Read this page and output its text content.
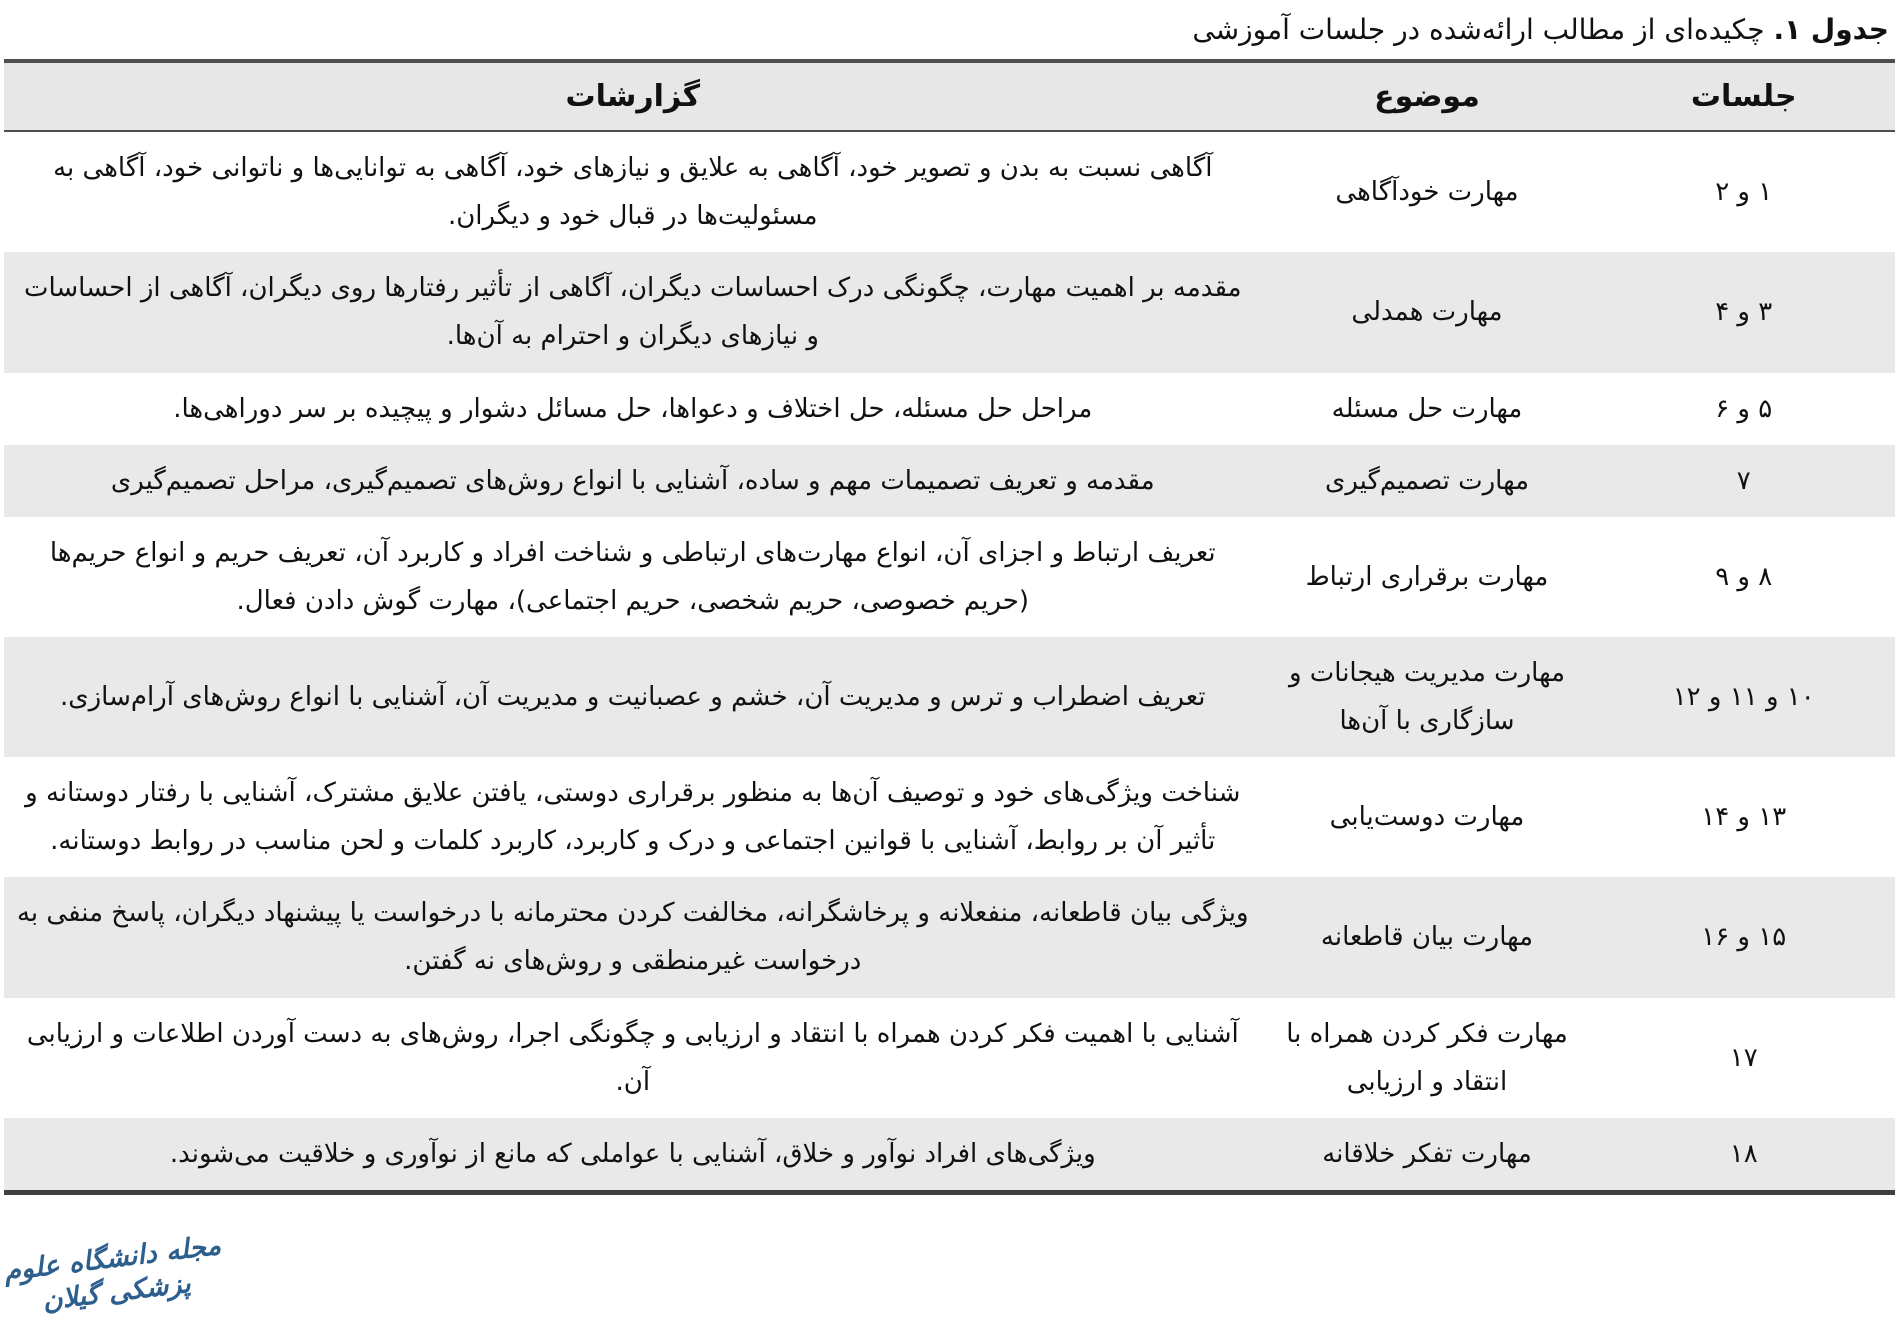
جدول ۱. چکیده‌ای از مطالب ارائه‌شده در جلسات آموزشی
جلسات	موضوع	گزارشات
۱ و ۲	مهارت خودآگاهی	آگاهی نسبت به بدن و تصویر خود، آگاهی به علایق و نیازهای خود، آگاهی به توانایی‌ها و ناتوانی خود، آگاهی به مسئولیت‌ها در قبال خود و دیگران.
۳ و ۴	مهارت همدلی	مقدمه بر اهمیت مهارت، چگونگی درک احساسات دیگران، آگاهی از تأثیر رفتارها روی دیگران، آگاهی از احساسات و نیازهای دیگران و احترام به آن‌ها.
۵ و ۶	مهارت حل مسئله	مراحل حل مسئله، حل اختلاف و دعواها، حل مسائل دشوار و پیچیده بر سر دوراهی‌ها.
۷	مهارت تصمیم‌گیری	مقدمه و تعریف تصمیمات مهم و ساده، آشنایی با انواع روش‌های تصمیم‌گیری، مراحل تصمیم‌گیری
۸ و ۹	مهارت برقراری ارتباط	تعریف ارتباط و اجزای آن، انواع مهارت‌های ارتباطی و شناخت افراد و کاربرد آن، تعریف حریم و انواع حریم‌ها (حریم خصوصی، حریم شخصی، حریم اجتماعی)، مهارت گوش دادن فعال.
۱۰ و ۱۱ و ۱۲	مهارت مدیریت هیجانات و سازگاری با آن‌ها	تعریف اضطراب و ترس و مدیریت آن، خشم و عصبانیت و مدیریت آن، آشنایی با انواع روش‌های آرام‌سازی.
۱۳ و ۱۴	مهارت دوست‌یابی	شناخت ویژگی‌های خود و توصیف آن‌ها به منظور برقراری دوستی، یافتن علایق مشترک، آشنایی با رفتار دوستانه و تأثیر آن بر روابط، آشنایی با قوانین اجتماعی و درک و کاربرد، کاربرد کلمات و لحن مناسب در روابط دوستانه.
۱۵ و ۱۶	مهارت بیان قاطعانه	ویژگی بیان قاطعانه، منفعلانه و پرخاشگرانه، مخالفت کردن محترمانه با درخواست یا پیشنهاد دیگران، پاسخ منفی به درخواست غیرمنطقی و روش‌های نه گفتن.
۱۷	مهارت فکر کردن همراه با انتقاد و ارزیابی	آشنایی با اهمیت فکر کردن همراه با انتقاد و ارزیابی و چگونگی اجرا، روش‌های به دست آوردن اطلاعات و ارزیابی آن.
۱۸	مهارت تفکر خلاقانه	ویژگی‌های افراد نوآور و خلاق، آشنایی با عواملی که مانع از نوآوری و خلاقیت می‌شوند.
مجله دانشگاه علوم پزشکی گیلان
